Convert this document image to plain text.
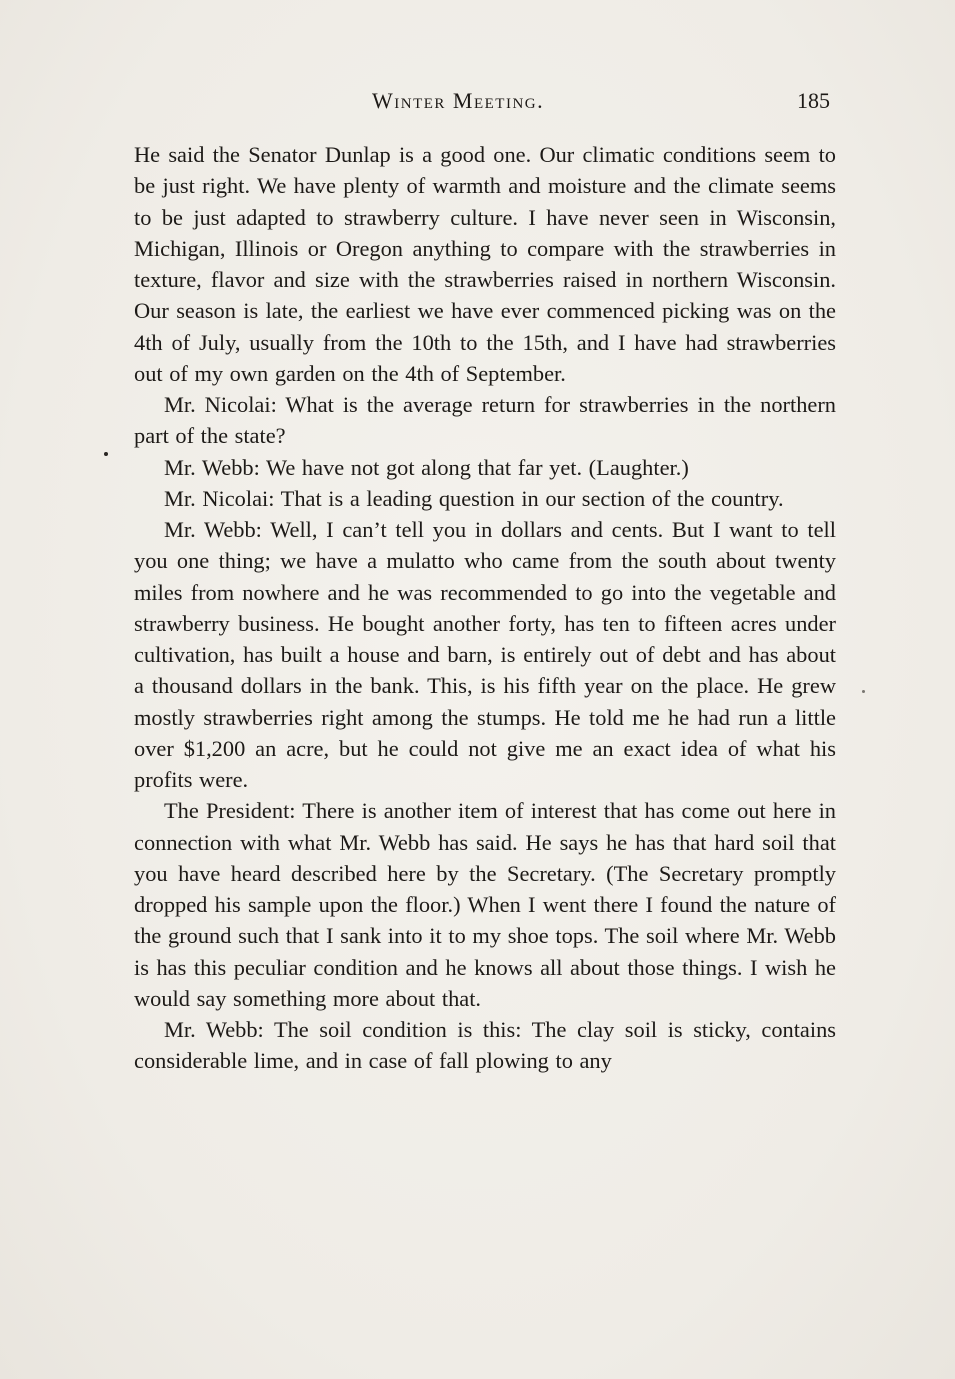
Winter Meeting.	185

He said the Senator Dunlap is a good one. Our climatic conditions seem to be just right. We have plenty of warmth and moisture and the climate seems to be just adapted to strawberry culture. I have never seen in Wisconsin, Michigan, Illinois or Oregon anything to compare with the strawberries in texture, flavor and size with the strawberries raised in northern Wisconsin. Our season is late, the earliest we have ever commenced picking was on the 4th of July, usually from the 10th to the 15th, and I have had strawberries out of my own garden on the 4th of September.

Mr. Nicolai: What is the average return for strawberries in the northern part of the state?

Mr. Webb: We have not got along that far yet. (Laughter.)

Mr. Nicolai: That is a leading question in our section of the country.

Mr. Webb: Well, I can’t tell you in dollars and cents. But I want to tell you one thing; we have a mulatto who came from the south about twenty miles from nowhere and he was recommended to go into the vegetable and strawberry business. He bought another forty, has ten to fifteen acres under cultivation, has built a house and barn, is entirely out of debt and has about a thousand dollars in the bank. This, is his fifth year on the place. He grew mostly strawberries right among the stumps. He told me he had run a little over $1,200 an acre, but he could not give me an exact idea of what his profits were.

The President: There is another item of interest that has come out here in connection with what Mr. Webb has said. He says he has that hard soil that you have heard described here by the Secretary. (The Secretary promptly dropped his sample upon the floor.) When I went there I found the nature of the ground such that I sank into it to my shoe tops. The soil where Mr. Webb is has this peculiar condition and he knows all about those things. I wish he would say something more about that.

Mr. Webb: The soil condition is this: The clay soil is sticky, contains considerable lime, and in case of fall plowing to any
